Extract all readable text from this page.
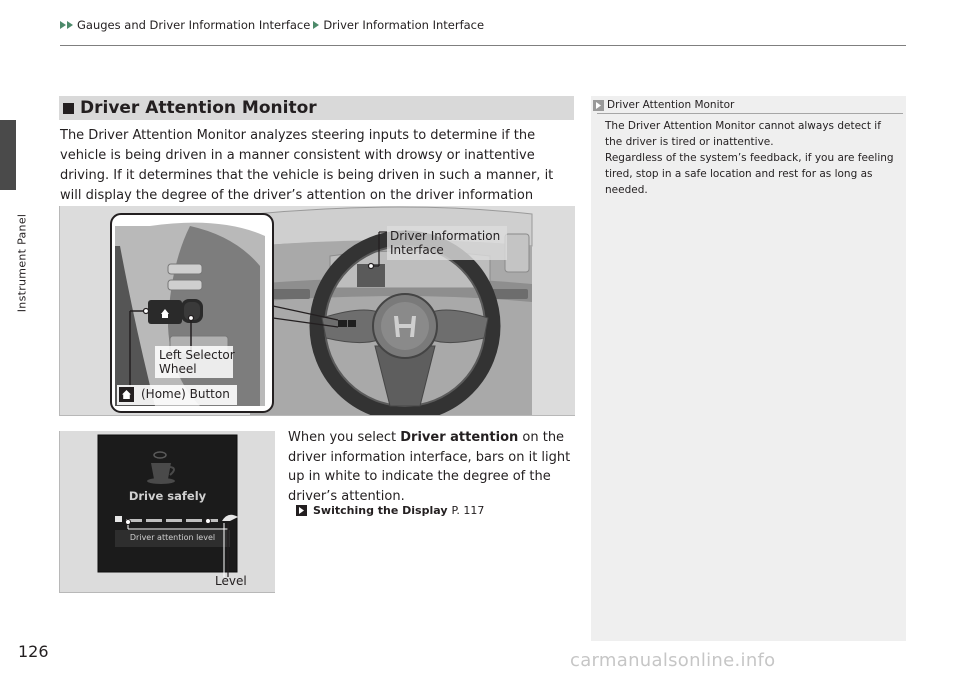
Gauges and Driver Information Interface Driver Information Interface
Instrument Panel
126
Driver Attention Monitor
The Driver Attention Monitor analyzes steering inputs to determine if the vehicle is being driven in a manner consistent with drowsy or inattentive driving. If it determines that the vehicle is being driven in such a manner, it will display the degree of the driver’s attention on the driver information
Driver Information
Interface
Left Selector
Wheel
(Home) Button
Drive safely
Driver attention level
Level
When you select Driver attention on the driver information interface, bars on it light up in white to indicate the degree of the driver’s attention.
Switching the Display P. 117
Driver Attention Monitor
The Driver Attention Monitor cannot always detect if the driver is tired or inattentive.
Regardless of the system’s feedback, if you are feeling tired, stop in a safe location and rest for as long as needed.
carmanualsonline.info
